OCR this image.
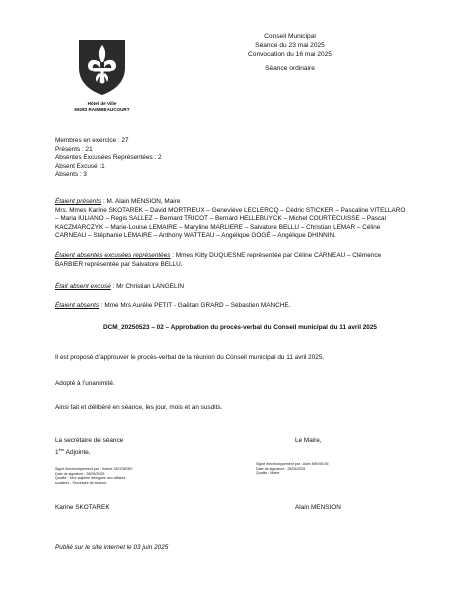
Conseil Municipal
Séance du 23 mai 2025
Convocation du 16 mai 2025
Séance ordinaire
Hôtel de Ville
59283 RAIMBEAUCOURT
Membres en exercice : 27
Présents : 21
Absentes Excusées Représentées : 2
Absent Excusé :1
Absents : 3
Étaient présents : M. Alain MENSION, Maire
Mrs. Mmes Karine SKOTAREK – David MORTREUX – Geneviève LECLERCQ – Cédric STICKER – Pascaline VITELLARO
– Maria IULIANO – Regis SALLEZ – Bernard TRICOT – Bernard HELLEBUYCK – Michel COURTECUISSE – Pascal
KACZMARCZYK – Marie-Louise LEMAIRE – Maryline MARLIERE – Salvatore BELLU – Christian LEMAR – Céline
CARNEAU – Stéphanie LEMAIRE – Anthony WATTEAU – Angélique GOGÉ – Angélique DHINNIN.
Étaient absentes excusées représentées : Mmes Kitty DUQUESNE représentée par Céline CARNEAU – Clémence
BARBIER représentée par Salvatore BELLU.
Était absent excusé : Mr Christian LANGELIN
Étaient absents : Mme Mrs Aurélie PETIT - Gaëtan GRARD – Sébastien MANCHE.
DCM_20250523 – 02 – Approbation du procès-verbal du Conseil municipal du 11 avril 2025
Il est proposé d’approuver le procès-verbal de la réunion du Conseil municipal du 11 avril 2025.
Adopté à l’unanimité.
Ainsi fait et délibéré en séance, les jour, mois et an susdits.
La secrétaire de séance
1ère Adjointe,
Signé électroniquement par : Karine SKOTAREK
Date de signature : 28/05/2025
Qualité : 1ère adjointe déléguée aux affaires
scolaires - Secrétaire de séance
Karine SKOTAREK
Le Maire,
Signé électroniquement par : Alain MENSION
Date de signature : 28/05/2025
Qualité : Maire
Alain MENSION
Publié sur le site internet le 03 juin 2025
